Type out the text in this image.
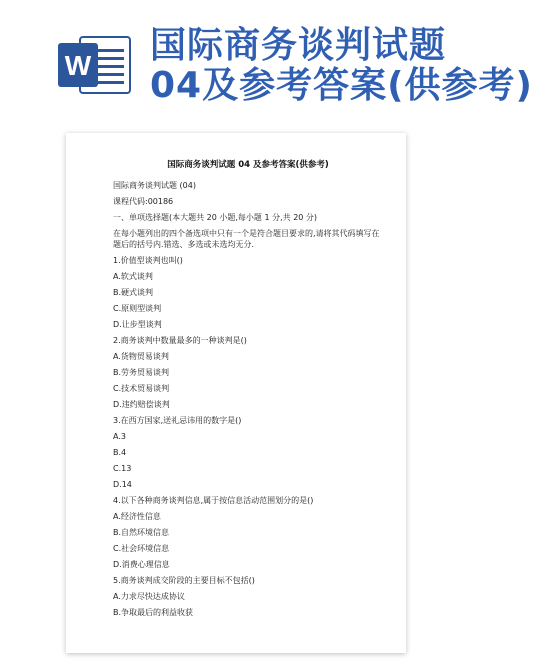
W 国际商务谈判试题
04及参考答案(供参考)
国际商务谈判试题 04 及参考答案(供参考)

国际商务谈判试题 (04)

课程代码:00186

一、单项选择题(本大题共 20 小题,每小题 1 分,共 20 分)

在每小题列出的四个备选项中只有一个是符合题目要求的,请将其代码填写在题后的括号内.错选、多选或未选均无分.

1.价值型谈判也叫()

A.软式谈判

B.硬式谈判

C.原则型谈判

D.让步型谈判

2.商务谈判中数量最多的一种谈判是()

A.货物贸易谈判

B.劳务贸易谈判

C.技术贸易谈判

D.违约赔偿谈判

3.在西方国家,送礼忌讳用的数字是()

A.3

B.4

C.13

D.14

4.以下各种商务谈判信息,属于按信息活动范围划分的是()

A.经济性信息

B.自然环境信息

C.社会环境信息

D.消费心理信息

5.商务谈判成交阶段的主要目标不包括()

A.力求尽快达成协议

B.争取最后的利益收获
